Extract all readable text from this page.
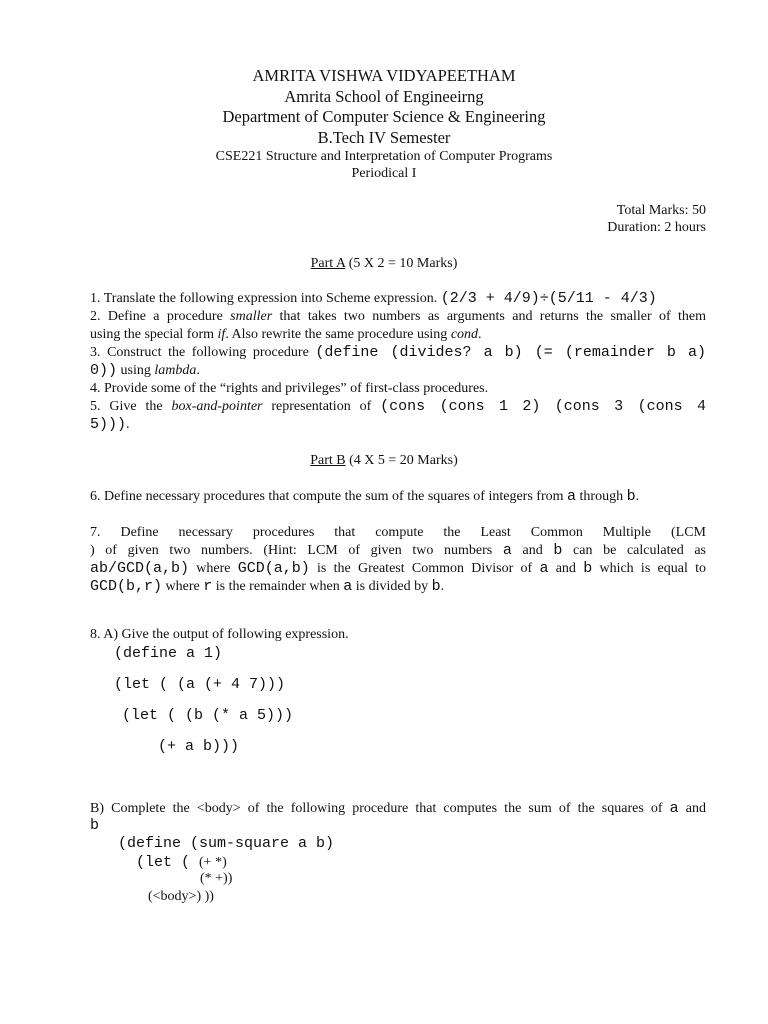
AMRITA VISHWA VIDYAPEETHAM
Amrita School of Engineeirng
Department of Computer Science & Engineering
B.Tech IV Semester
CSE221 Structure and Interpretation of Computer Programs
Periodical I
Total Marks: 50
Duration: 2 hours
Part A (5 X 2 = 10 Marks)
1. Translate the following expression into Scheme expression. (2/3 + 4/9)÷(5/11 - 4/3)
2. Define a procedure smaller that takes two numbers as arguments and returns the smaller of them
using the special form if. Also rewrite the same procedure using cond.
3. Construct the following procedure (define (divides? a b) (= (remainder b a)
0)) using lambda.
4. Provide some of the “rights and privileges” of first-class procedures.
5. Give the box-and-pointer representation of (cons (cons 1 2) (cons 3 (cons 4
5))).
Part B (4 X 5 = 20 Marks)
6. Define necessary procedures that compute the sum of the squares of integers from a through b.
7. Define necessary procedures that compute the Least Common Multiple (LCM
) of given two numbers. (Hint: LCM of given two numbers a and b can be calculated as
ab/GCD(a,b) where GCD(a,b) is the Greatest Common Divisor of a and b which is equal to
GCD(b,r) where r is the remainder when a is divided by b.
8. A) Give the output of following expression.
(define a 1)
(let ( (a (+ 4 7)))
(let ( (b (* a 5)))
(+ a b)))
B) Complete the <body> of the following procedure that computes the sum of the squares of a and
b
(define (sum-square a b)
(let ( (+ *)
(* +))
(<body>) ))
